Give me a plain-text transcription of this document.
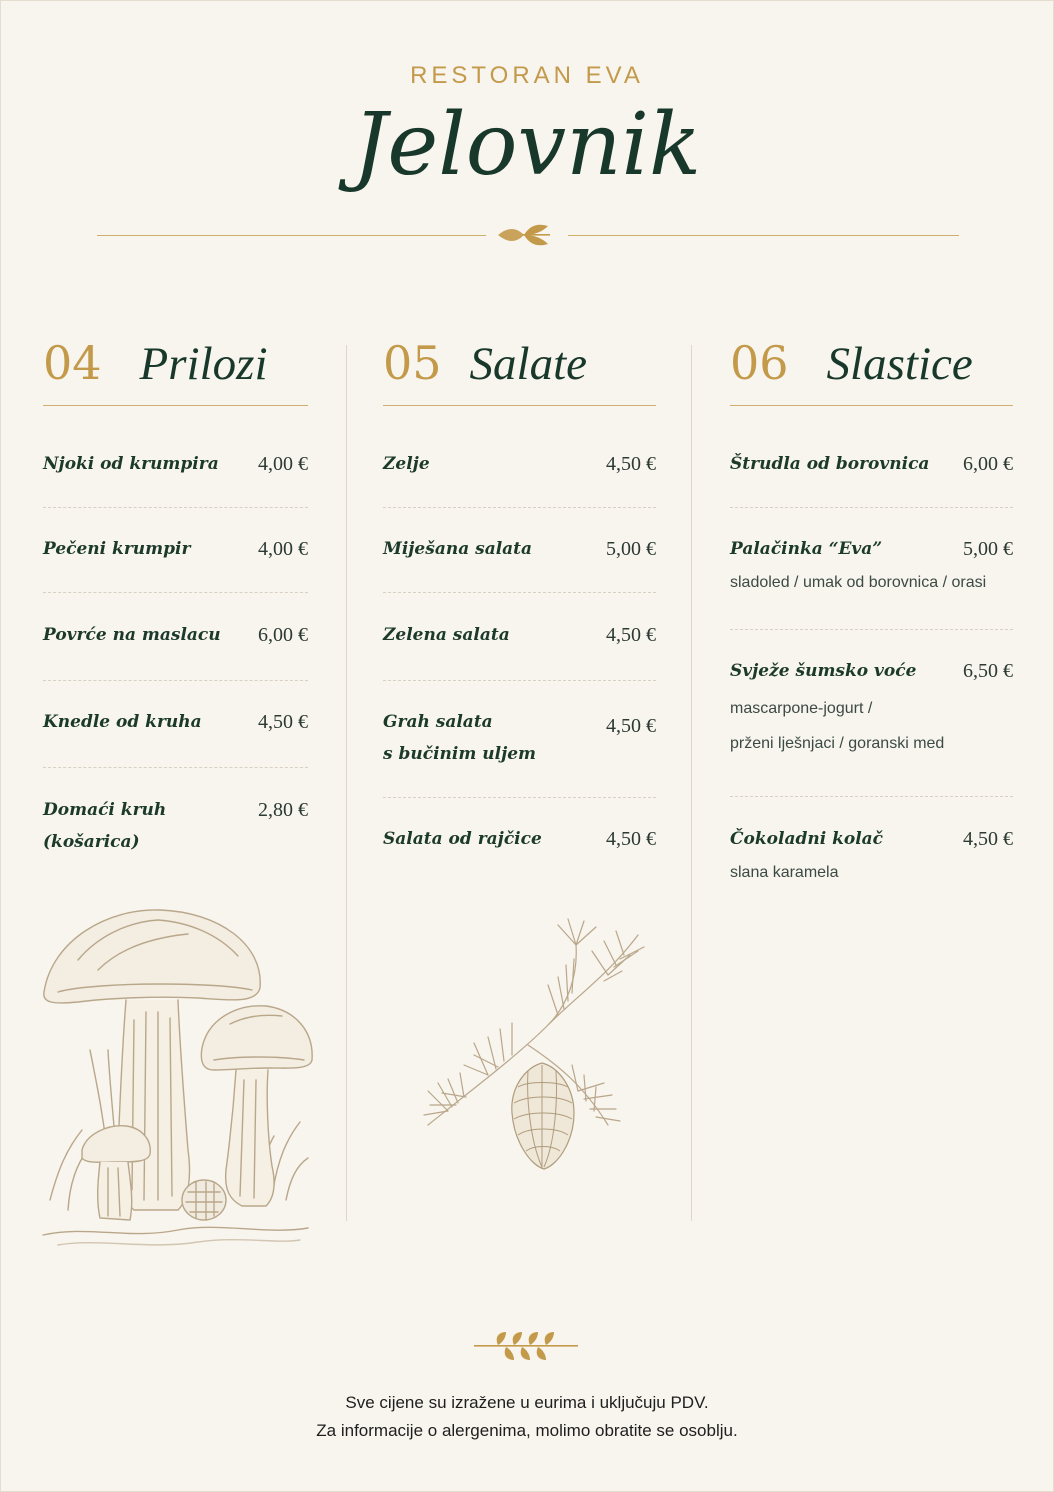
RESTORAN EVA
Jelovnik
04 Prilozi
Njoki od krumpira 4,00 €
Pečeni krumpir	4,00 €
Povrće na maslacu 6,00 €
Knedle od kruha	4,50 €
Domaći kruh (košarica)
2,80 €
05 Salate
Zelje	4,50 €
Miješana salata	5,00 €
Zelena salata	4,50 €
Grah salata
s bučinim uljem
4,50 €
Salata od rajčice	4,50 €
06 Slastice
Štrudla od borovnica 6,00 €
Palačinka “Eva”	5,00 €
sladoled / umak od borovnica / orasi
Svježe šumsko voće 6,50 €
mascarpone-jogurt /
prženi lješnjaci / goranski med
Čokoladni kolač	4,50 €
slana karamela
Sve cijene su izražene u eurima i uključuju PDV.
Za informacije o alergenima, molimo obratite se osoblju.
